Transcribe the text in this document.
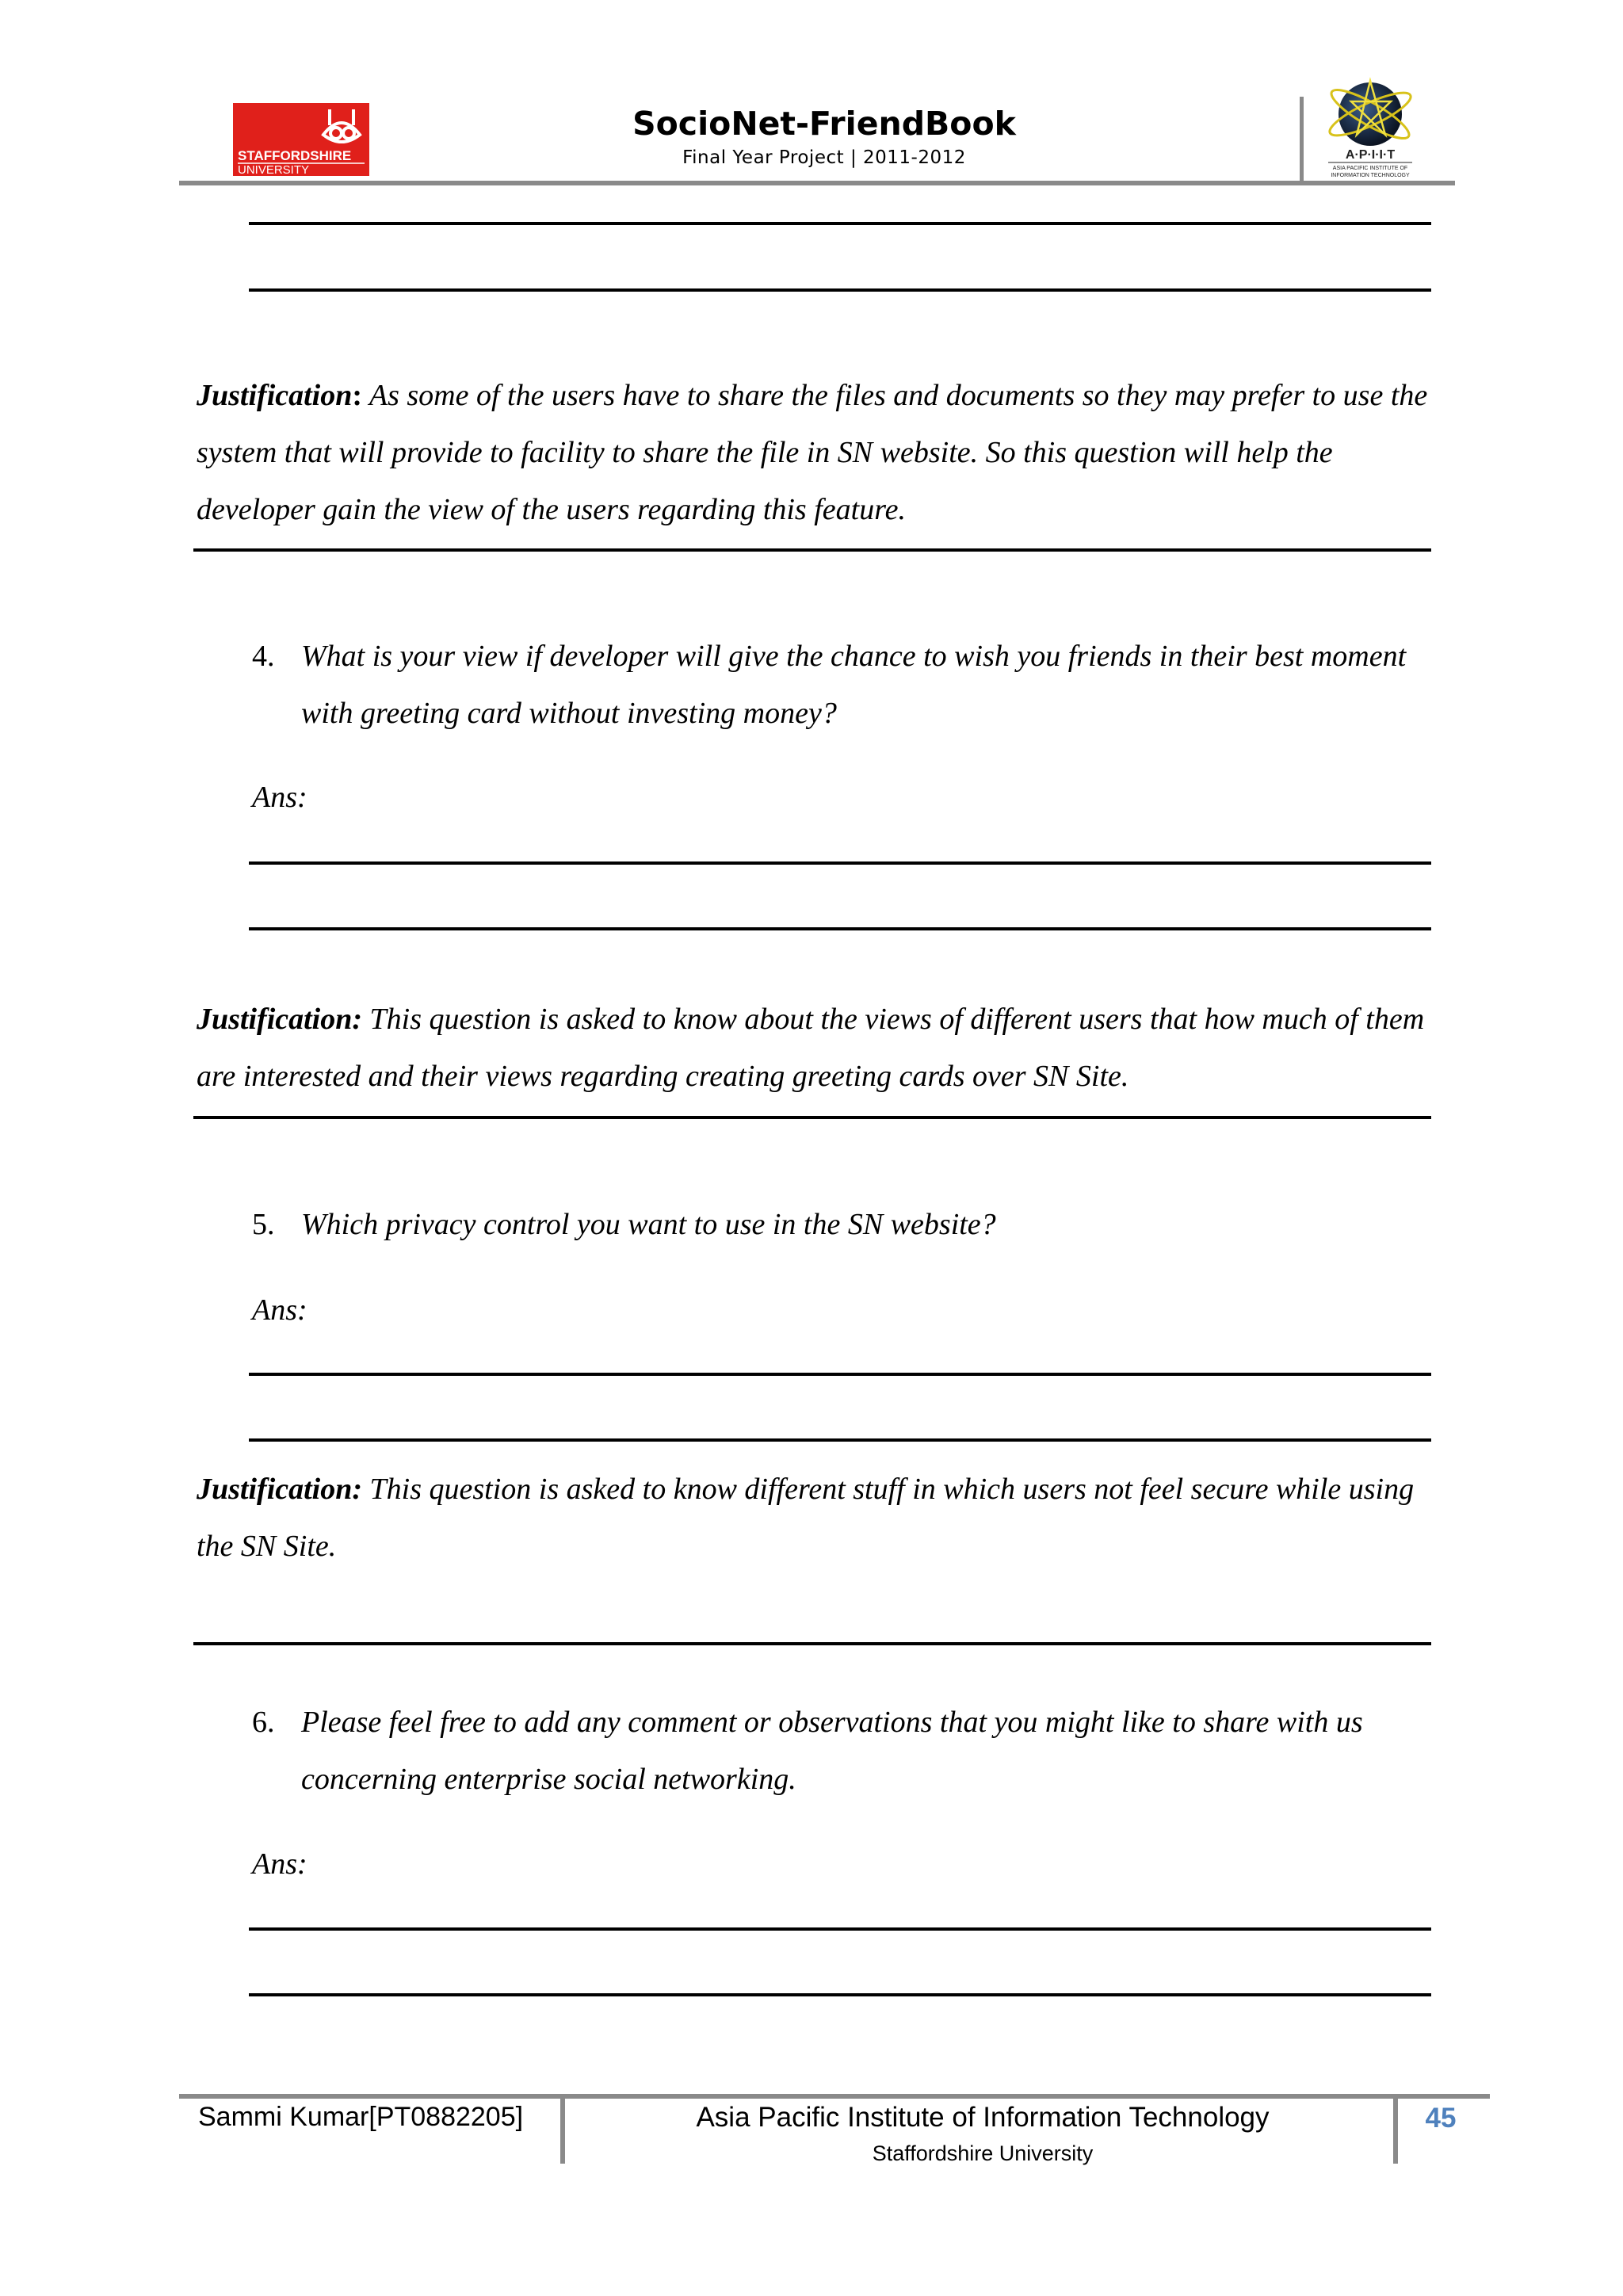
STAFFORDSHIRE
UNIVERSITY
SocioNet-FriendBook
Final Year Project | 2011-2012	A·P·I·I·T
ASIA PACIFIC INSTITUTE OF
INFORMATION TECHNOLOGY
Justification: As some of the users have to share the files and documents so they may prefer to use the system that will provide to facility to share the file in SN website. So this question will help the developer gain the view of the users regarding this feature.
4. What is your view if developer will give the chance to wish you friends in their best moment with greeting card without investing money?
Ans:
Justification: This question is asked to know about the views of different users that how much of them are interested and their views regarding creating greeting cards over SN Site.
5. Which privacy control you want to use in the SN website?
Ans:
Justification: This question is asked to know different stuff in which users not feel secure while using the SN Site.
6. Please feel free to add any comment or observations that you might like to share with us concerning enterprise social networking.
Ans:
Sammi Kumar[PT0882205]	Asia Pacific Institute of Information Technology
Staffordshire University
45
